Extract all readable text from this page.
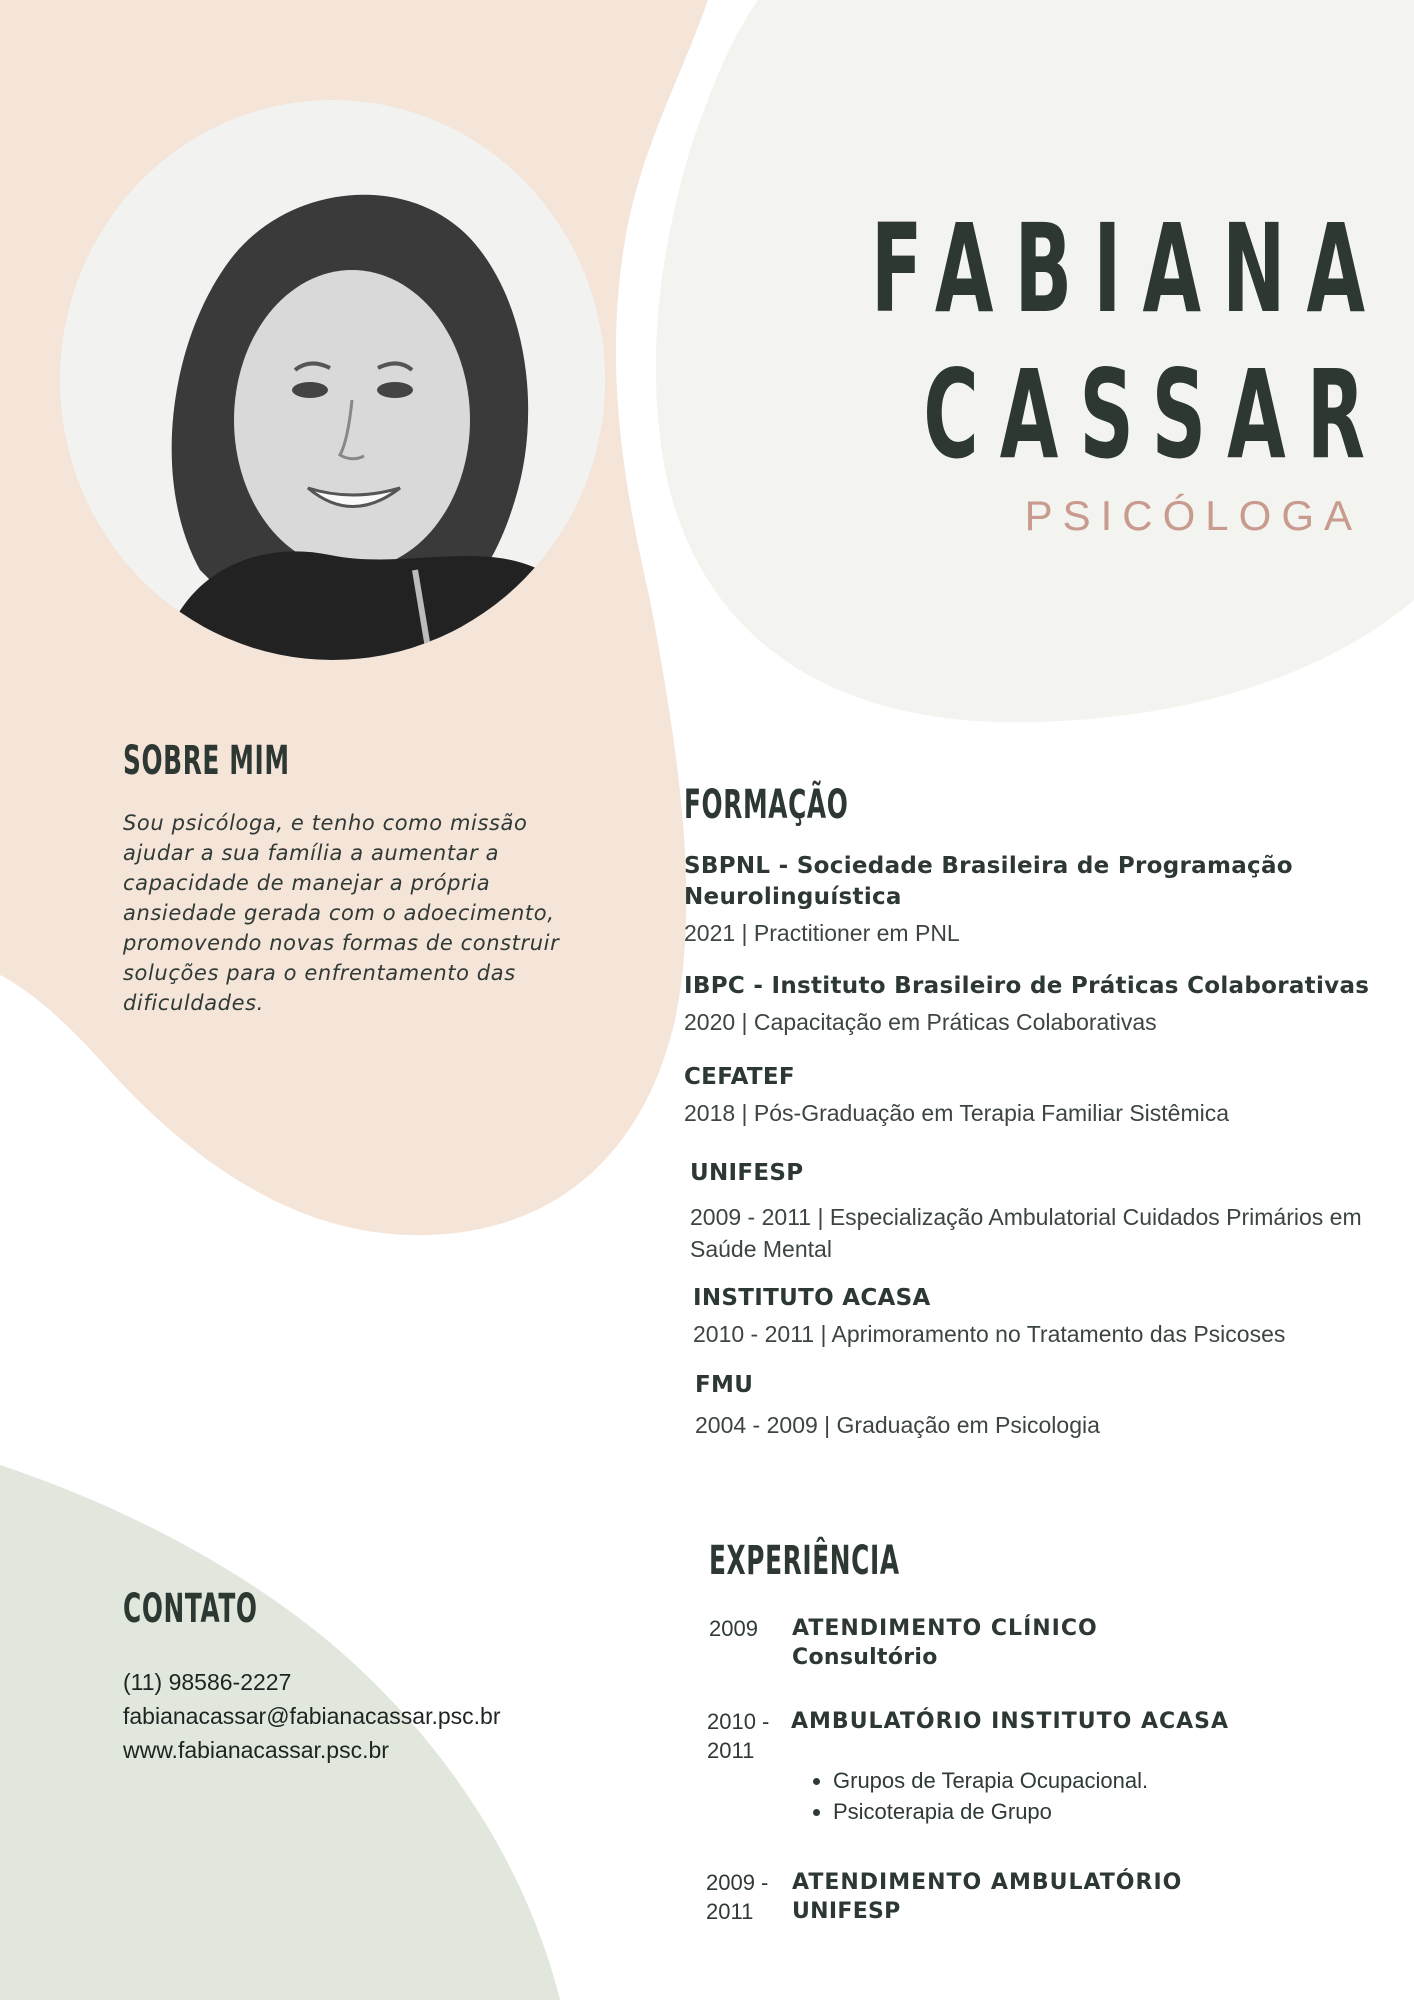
FABIANA
CASSAR
PSICÓLOGA
SOBRE MIM
Sou psicóloga, e tenho como missão ajudar a sua família a aumentar a capacidade de manejar a própria ansiedade gerada com o adoecimento, promovendo novas formas de construir soluções para o enfrentamento das dificuldades.
FORMAÇÃO
SBPNL - Sociedade Brasileira de Programação Neurolinguística
2021 | Practitioner em PNL
IBPC - Instituto Brasileiro de Práticas Colaborativas
2020 | Capacitação em Práticas Colaborativas
CEFATEF
2018 | Pós-Graduação em Terapia Familiar Sistêmica
UNIFESP
2009 - 2011 | Especialização Ambulatorial Cuidados Primários em Saúde Mental
INSTITUTO ACASA
2010 - 2011 | Aprimoramento no Tratamento das Psicoses
FMU
2004 - 2009 | Graduação em Psicologia
CONTATO
(11) 98586-2227
fabianacassar@fabianacassar.psc.br
www.fabianacassar.psc.br
EXPERIÊNCIA
2009	ATENDIMENTO CLÍNICO
Consultório
2010 -
2011
AMBULATÓRIO INSTITUTO ACASA
• Grupos de Terapia Ocupacional.
• Psicoterapia de Grupo
2009 -
2011
ATENDIMENTO AMBULATÓRIO
UNIFESP
